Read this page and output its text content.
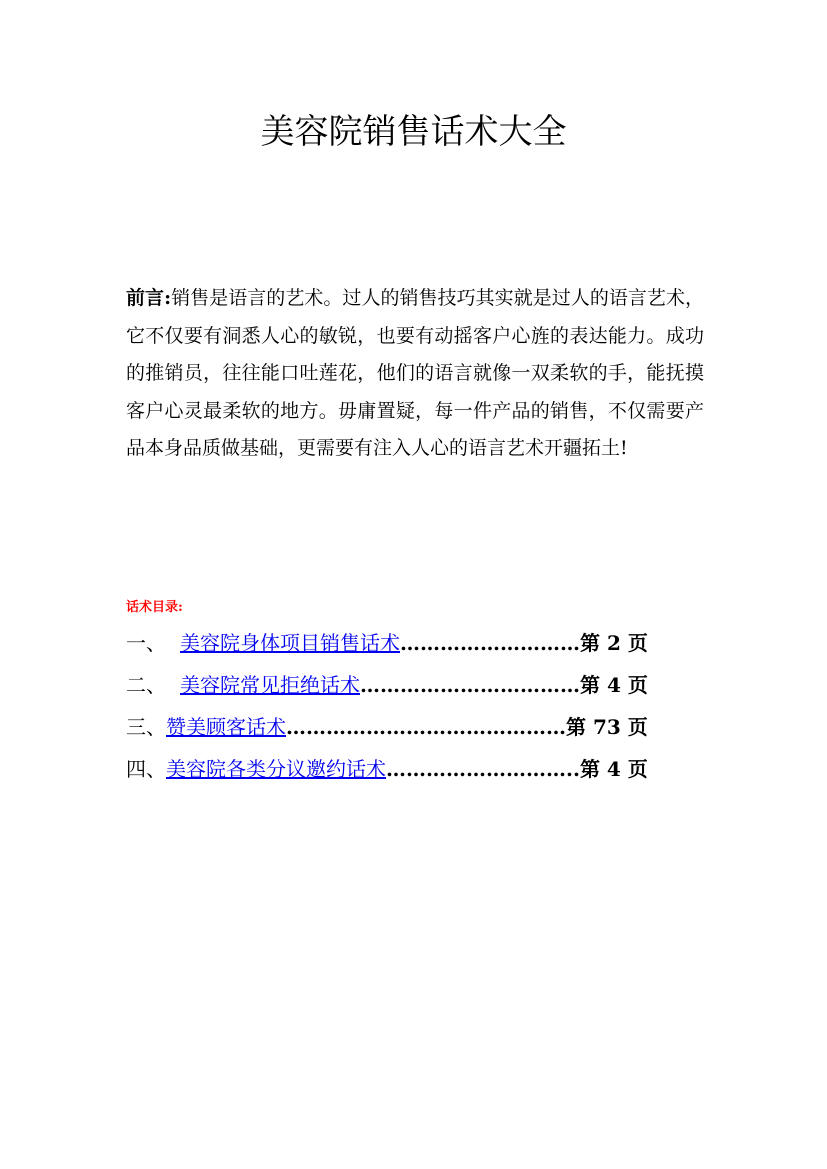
美容院销售话术大全

前言:销售是语言的艺术。过人的销售技巧其实就是过人的语言艺术，它不仅要有洞悉人心的敏锐，也要有动摇客户心旌的表达能力。成功的推销员，往往能口吐莲花，他们的语言就像一双柔软的手，能抚摸客户心灵最柔软的地方。毋庸置疑，每一件产品的销售，不仅需要产品本身品质做基础，更需要有注入人心的语言艺术开疆拓土!

话术目录:
一、 美容院身体项目销售话术………………………第 2 页
二、 美容院常见拒绝话术……………………………第 4 页
三、赞美顾客话术……………………………………第 73 页
四、美容院各类分议邀约话术………………………..第 4 页
